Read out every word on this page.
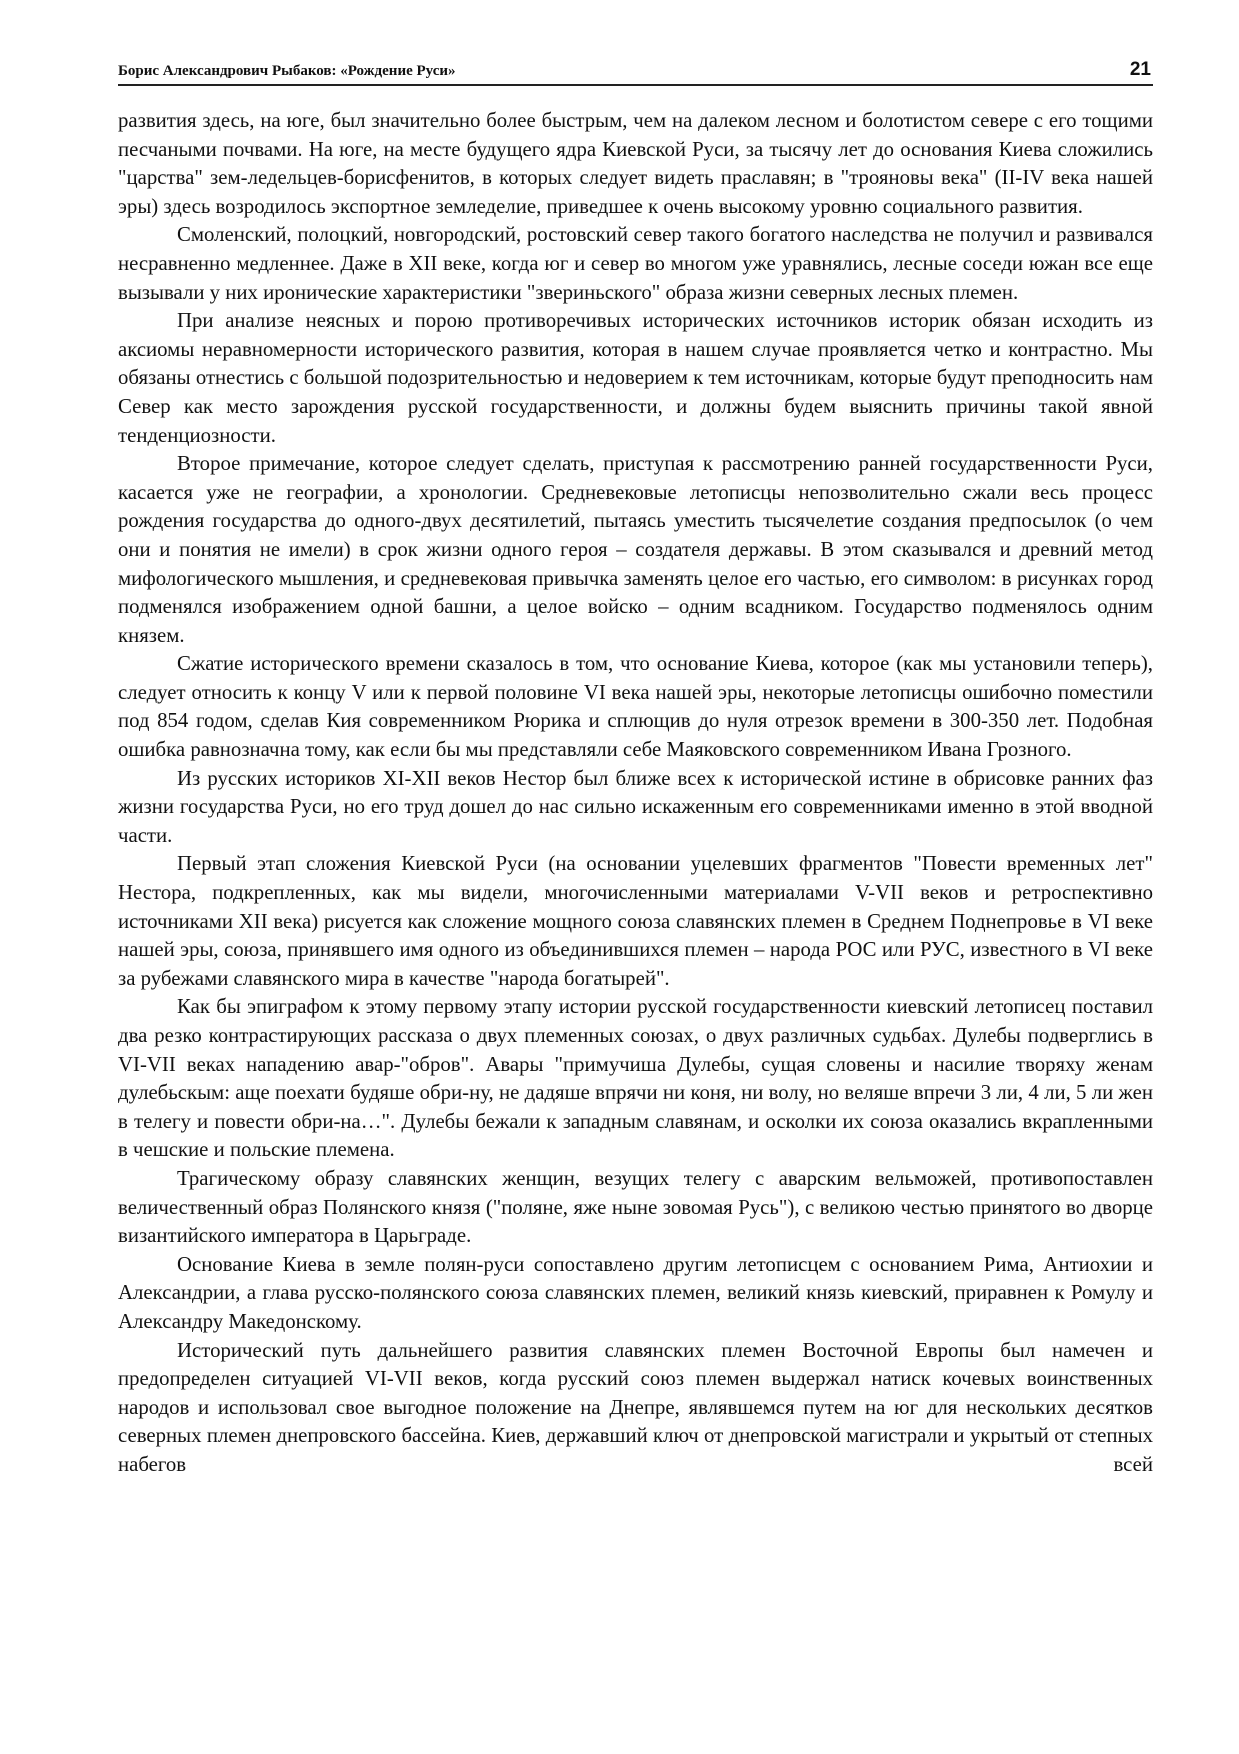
Борис Александрович Рыбаков: «Рождение Руси»	21

развития здесь, на юге, был значительно более быстрым, чем на далеком лесном и болотистом севере с его тощими песчаными почвами. На юге, на месте будущего ядра Киевской Руси, за тысячу лет до основания Киева сложились "царства" зем-ледельцев-борисфенитов, в которых следует видеть праславян; в "трояновы века" (II-IV века нашей эры) здесь возродилось экспортное земледелие, приведшее к очень высокому уровню социального развития.

Смоленский, полоцкий, новгородский, ростовский север такого богатого наследства не получил и развивался несравненно медленнее. Даже в XII веке, когда юг и север во многом уже уравнялись, лесные соседи южан все еще вызывали у них иронические характеристики "звериньского" образа жизни северных лесных племен.

При анализе неясных и порою противоречивых исторических источников историк обязан исходить из аксиомы неравномерности исторического развития, которая в нашем случае проявляется четко и контрастно. Мы обязаны отнестись с большой подозрительностью и недоверием к тем источникам, которые будут преподносить нам Север как место зарождения русской государственности, и должны будем выяснить причины такой явной тенденциозности.

Второе примечание, которое следует сделать, приступая к рассмотрению ранней государственности Руси, касается уже не географии, а хронологии. Средневековые летописцы непозволительно сжали весь процесс рождения государства до одного-двух десятилетий, пытаясь уместить тысячелетие создания предпосылок (о чем они и понятия не имели) в срок жизни одного героя – создателя державы. В этом сказывался и древний метод мифологического мышления, и средневековая привычка заменять целое его частью, его символом: в рисунках город подменялся изображением одной башни, а целое войско – одним всадником. Государство подменялось одним князем.

Сжатие исторического времени сказалось в том, что основание Киева, которое (как мы установили теперь), следует относить к концу V или к первой половине VI века нашей эры, некоторые летописцы ошибочно поместили под 854 годом, сделав Кия современником Рюрика и сплющив до нуля отрезок времени в 300-350 лет. Подобная ошибка равнозначна тому, как если бы мы представляли себе Маяковского современником Ивана Грозного.

Из русских историков XI-XII веков Нестор был ближе всех к исторической истине в обрисовке ранних фаз жизни государства Руси, но его труд дошел до нас сильно искаженным его современниками именно в этой вводной части.

Первый этап сложения Киевской Руси (на основании уцелевших фрагментов "Повести временных лет" Нестора, подкрепленных, как мы видели, многочисленными материалами V-VII веков и ретроспективно источниками XII века) рисуется как сложение мощного союза славянских племен в Среднем Поднепровье в VI веке нашей эры, союза, принявшего имя одного из объединившихся племен – народа РОС или РУС, известного в VI веке за рубежами славянского мира в качестве "народа богатырей".

Как бы эпиграфом к этому первому этапу истории русской государственности киевский летописец поставил два резко контрастирующих рассказа о двух племенных союзах, о двух различных судьбах. Дулебы подверглись в VI-VII веках нападению авар-"обров". Авары "примучиша Дулебы, сущая словены и насилие творяху женам дулебьскым: аще поехати будяше обри-ну, не дадяше впрячи ни коня, ни волу, но веляше впречи 3 ли, 4 ли, 5 ли жен в телегу и повести обри-на…". Дулебы бежали к западным славянам, и осколки их союза оказались вкрапленными в чешские и польские племена.

Трагическому образу славянских женщин, везущих телегу с аварским вельможей, противопоставлен величественный образ Полянского князя ("поляне, яже ныне зовомая Русь"), с великою честью принятого во дворце византийского императора в Царьграде.

Основание Киева в земле полян-руси сопоставлено другим летописцем с основанием Рима, Антиохии и Александрии, а глава русско-полянского союза славянских племен, великий князь киевский, приравнен к Ромулу и Александру Македонскому.

Исторический путь дальнейшего развития славянских племен Восточной Европы был намечен и предопределен ситуацией VI-VII веков, когда русский союз племен выдержал натиск кочевых воинственных народов и использовал свое выгодное положение на Днепре, являвшемся путем на юг для нескольких десятков северных племен днепровского бассейна. Киев, державший ключ от днепровской магистрали и укрытый от степных набегов всей
